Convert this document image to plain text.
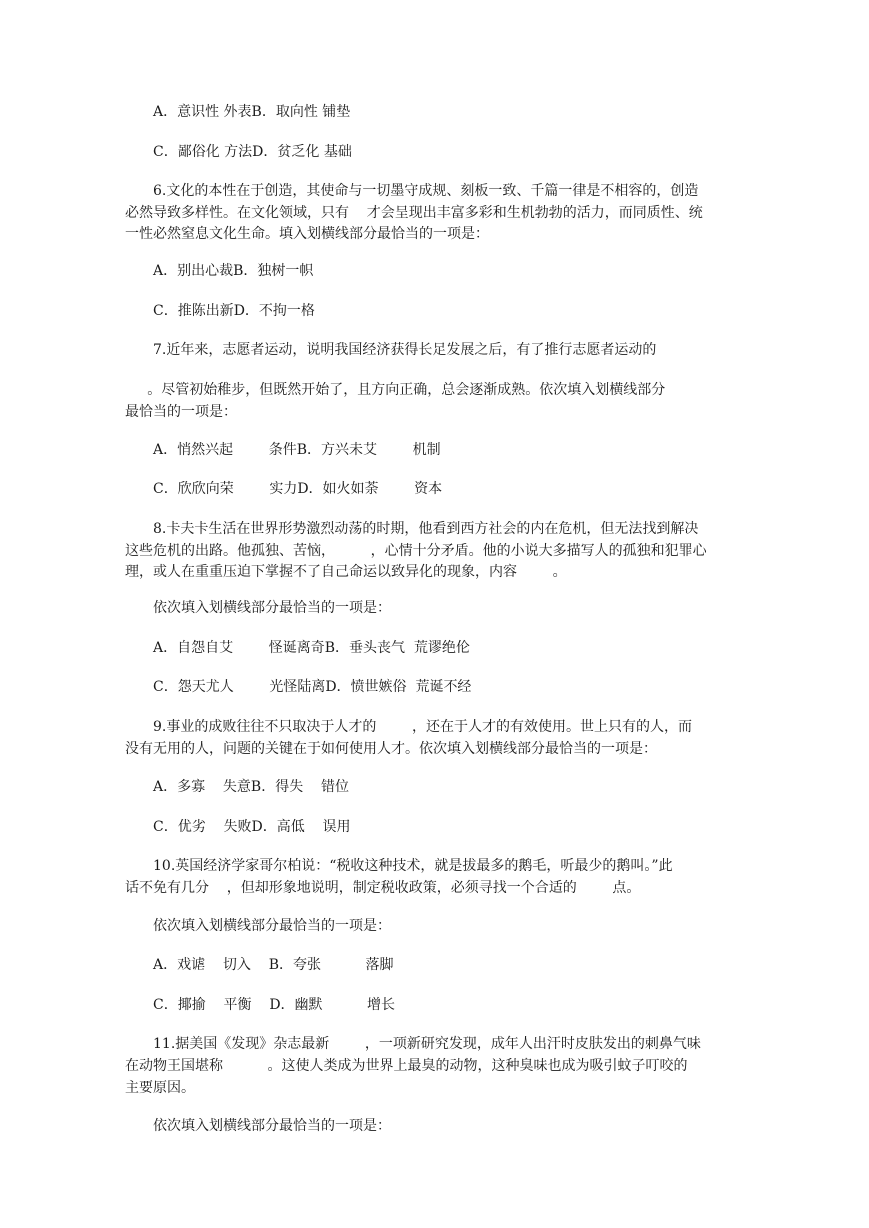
A．意识性 外表B．取向性 铺垫
C．鄙俗化 方法D．贫乏化 基础
6.文化的本性在于创造，其使命与一切墨守成规、刻板一致、千篇一律是不相容的，创造
必然导致多样性。在文化领域，只有    才会呈现出丰富多彩和生机勃勃的活力，而同质性、统
一性必然窒息文化生命。填入划横线部分最恰当的一项是：
A．别出心裁B．独树一帜
C．推陈出新D．不拘一格
7.近年来，志愿者运动，说明我国经济获得长足发展之后，有了推行志愿者运动的
。尽管初始稚步，但既然开始了，且方向正确，总会逐渐成熟。依次填入划横线部分
最恰当的一项是：
A．悄然兴起        条件B．方兴未艾        机制
C．欣欣向荣        实力D．如火如荼        资本
8.卡夫卡生活在世界形势激烈动荡的时期，他看到西方社会的内在危机，但无法找到解决
这些危机的出路。他孤独、苦恼，        ，心情十分矛盾。他的小说大多描写人的孤独和犯罪心
理，或人在重重压迫下掌握不了自己命运以致异化的现象，内容        。
依次填入划横线部分最恰当的一项是：
A．自怨自艾        怪诞离奇B．垂头丧气  荒谬绝伦
C．怨天尤人        光怪陆离D．愤世嫉俗  荒诞不经
9.事业的成败往往不只取决于人才的        ，还在于人才的有效使用。世上只有的人，而
没有无用的人，问题的关键在于如何使用人才。依次填入划横线部分最恰当的一项是：
A．多寡    失意B．得失    错位
C．优劣    失败D．高低    误用
10.英国经济学家哥尔柏说：“税收这种技术，就是拔最多的鹅毛，听最少的鹅叫。”此
话不免有几分    ，但却形象地说明，制定税收政策，必须寻找一个合适的        点。
依次填入划横线部分最恰当的一项是：
A．戏谑    切入    B．夸张          落脚
C．揶揄    平衡    D．幽默          增长
11.据美国《发现》杂志最新        ，一项新研究发现，成年人出汗时皮肤发出的刺鼻气味
在动物王国堪称          。这使人类成为世界上最臭的动物，这种臭味也成为吸引蚊子叮咬的
主要原因。
依次填入划横线部分最恰当的一项是：
